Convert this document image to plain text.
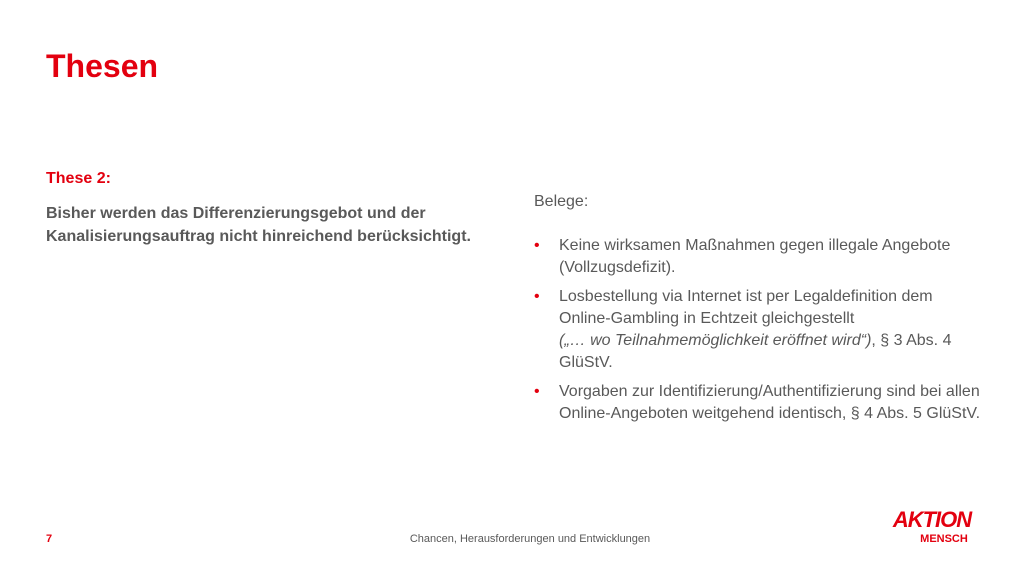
Thesen

These 2:

Bisher werden das Differenzierungsgebot und der Kanalisierungsauftrag nicht hinreichend berücksichtigt.

Belege:

• Keine wirksamen Maßnahmen gegen illegale Angebote (Vollzugsdefizit).
• Losbestellung via Internet ist per Legaldefinition dem Online-Gambling in Echtzeit gleichgestellt
(„… wo Teilnahmemöglichkeit eröffnet wird“), § 3 Abs. 4 GlüStV.
• Vorgaben zur Identifizierung/Authentifizierung sind bei allen Online-Angeboten weitgehend identisch, § 4 Abs. 5 GlüStV.
7	Chancen, Herausforderungen und Entwicklungen
AKTION
MENSCH
